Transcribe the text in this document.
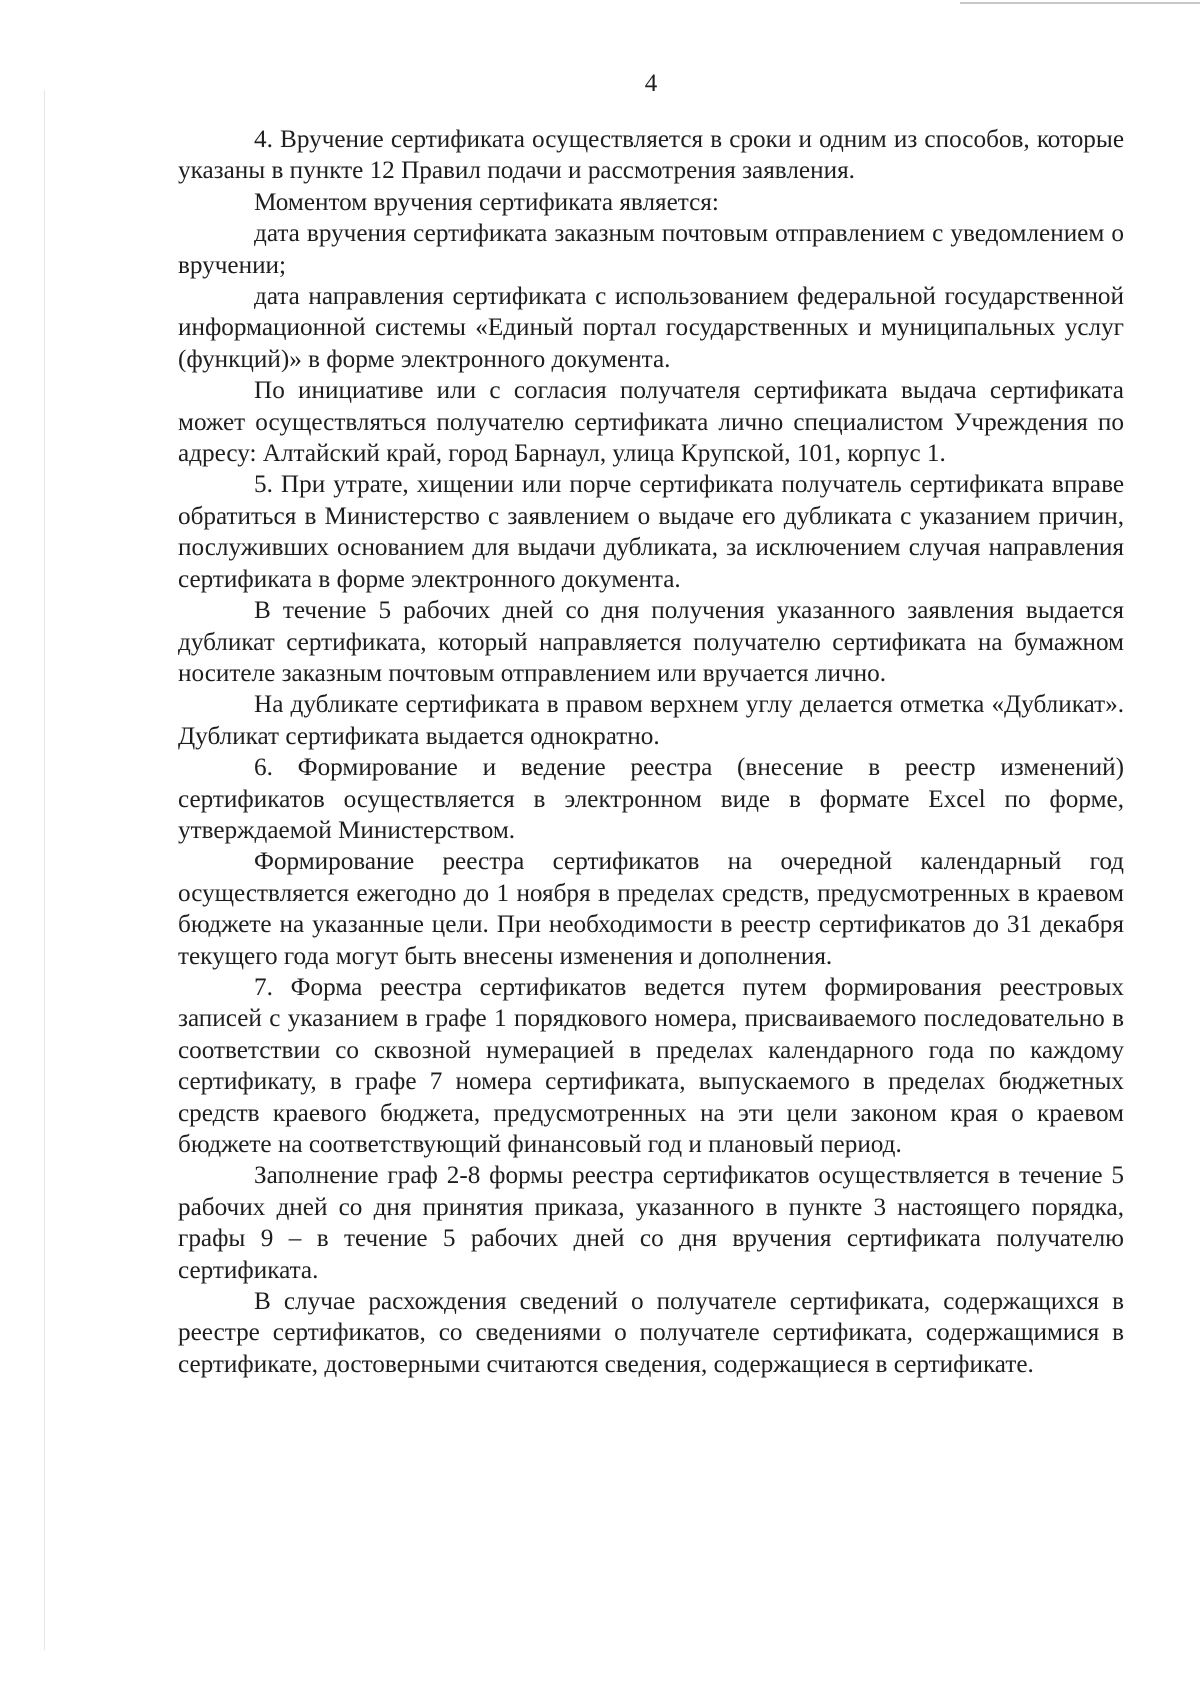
4

4. Вручение сертификата осуществляется в сроки и одним из способов, которые указаны в пункте 12 Правил подачи и рассмотрения заявления.

Моментом вручения сертификата является:

дата вручения сертификата заказным почтовым отправлением с уведомлением о вручении;

дата направления сертификата с использованием федеральной государственной информационной системы «Единый портал государственных и муниципальных услуг (функций)» в форме электронного документа.

По инициативе или с согласия получателя сертификата выдача сертификата может осуществляться получателю сертификата лично специалистом Учреждения по адресу: Алтайский край, город Барнаул, улица Крупской, 101, корпус 1.

5. При утрате, хищении или порче сертификата получатель сертификата вправе обратиться в Министерство с заявлением о выдаче его дубликата с указанием причин, послуживших основанием для выдачи дубликата, за исключением случая направления сертификата в форме электронного документа.

В течение 5 рабочих дней со дня получения указанного заявления выдается дубликат сертификата, который направляется получателю сертификата на бумажном носителе заказным почтовым отправлением или вручается лично.

На дубликате сертификата в правом верхнем углу делается отметка «Дубликат». Дубликат сертификата выдается однократно.

6. Формирование и ведение реестра (внесение в реестр изменений) сертификатов осуществляется в электронном виде в формате Excel по форме, утверждаемой Министерством.

Формирование реестра сертификатов на очередной календарный год осуществляется ежегодно до 1 ноября в пределах средств, предусмотренных в краевом бюджете на указанные цели. При необходимости в реестр сертификатов до 31 декабря текущего года могут быть внесены изменения и дополнения.

7. Форма реестра сертификатов ведется путем формирования реестровых записей с указанием в графе 1 порядкового номера, присваиваемого последовательно в соответствии со сквозной нумерацией в пределах календарного года по каждому сертификату, в графе 7 номера сертификата, выпускаемого в пределах бюджетных средств краевого бюджета, предусмотренных на эти цели законом края о краевом бюджете на соответствующий финансовый год и плановый период.

Заполнение граф 2-8 формы реестра сертификатов осуществляется в течение 5 рабочих дней со дня принятия приказа, указанного в пункте 3 настоящего порядка, графы 9 – в течение 5 рабочих дней со дня вручения сертификата получателю сертификата.

В случае расхождения сведений о получателе сертификата, содержащихся в реестре сертификатов, со сведениями о получателе сертификата, содержащимися в сертификате, достоверными считаются сведения, содержащиеся в сертификате.
